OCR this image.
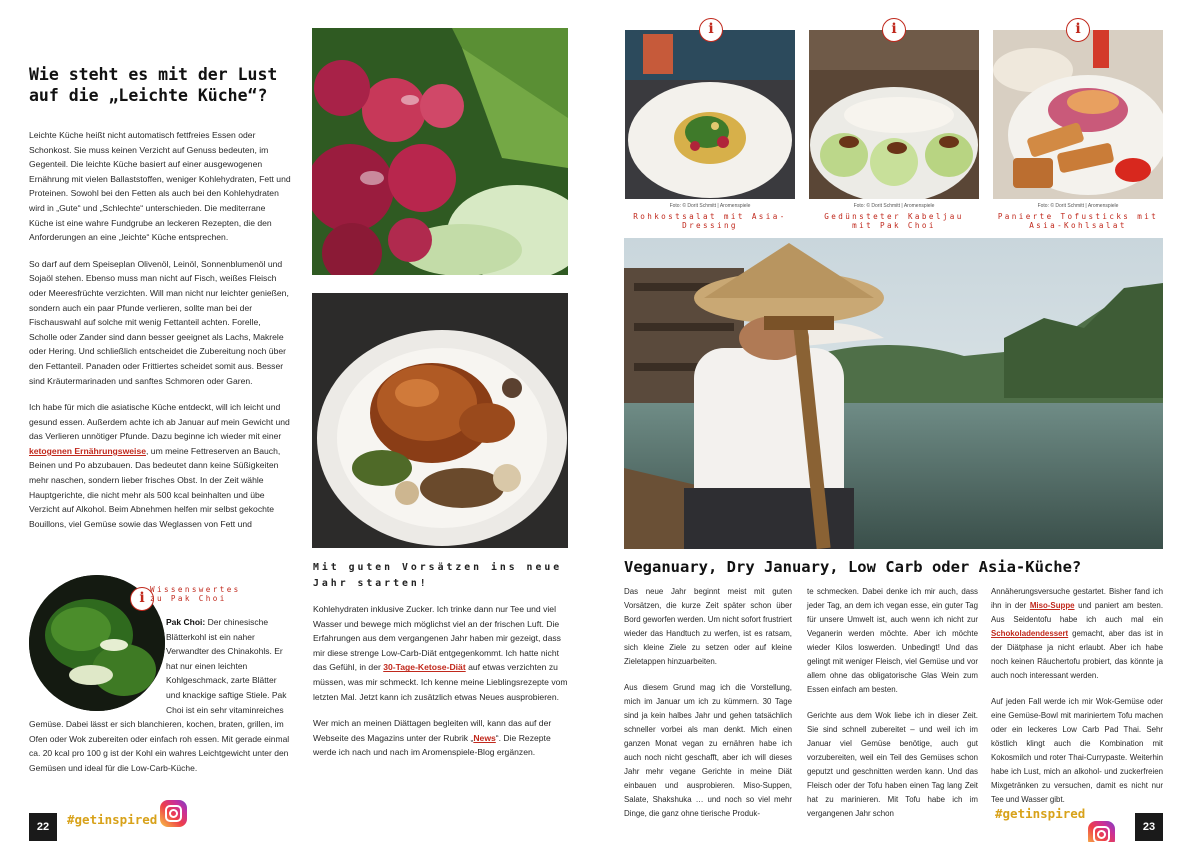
Wie steht es mit der Lust auf die „Leichte Küche“?

Leichte Küche heißt nicht automatisch fettfreies Essen oder Schonkost. Sie muss keinen Verzicht auf Genuss bedeuten, im Gegenteil. Die leichte Küche basiert auf einer ausgewogenen Ernährung mit vielen Ballaststoffen, weniger Kohlehydraten, Fett und Proteinen. Sowohl bei den Fetten als auch bei den Kohlehydraten wird in „Gute“ und „Schlechte“ unterschieden. Die mediterrane Küche ist eine wahre Fundgrube an leckeren Rezepten, die den Anforderungen an eine „leichte“ Küche entsprechen.

So darf auf dem Speiseplan Olivenöl, Leinöl, Sonnenblumenöl und Sojaöl stehen. Ebenso muss man nicht auf Fisch, weißes Fleisch oder Meeresfrüchte verzichten. Will man nicht nur leichter genießen, sondern auch ein paar Pfunde verlieren, sollte man bei der Fischauswahl auf solche mit wenig Fettanteil achten. Forelle, Scholle oder Zander sind dann besser geeignet als Lachs, Makrele oder Hering. Und schließlich entscheidet die Zubereitung noch über den Fettanteil. Panaden oder Frittiertes scheidet somit aus. Besser sind Kräutermarinaden und sanftes Schmoren oder Garen.

Ich habe für mich die asiatische Küche entdeckt, will ich leicht und gesund essen. Außerdem achte ich ab Januar auf mein Gewicht und das Verlieren unnötiger Pfunde. Dazu beginne ich wieder mit einer ketogenen Ernährungsweise, um meine Fettreserven an Bauch, Beinen und Po abzubauen. Das bedeutet dann keine Süßigkeiten mehr naschen, sondern lieber frisches Obst. In der Zeit wähle Hauptgerichte, die nicht mehr als 500 kcal beinhalten und übe Verzicht auf Alkohol. Beim Abnehmen helfen mir selbst gekochte Bouillons, viel Gemüse sowie das Weglassen von Fett und

i
Wissenswertes
zu Pak Choi
Pak Choi: Der chinesische Blätterkohl ist ein naher Verwandter des Chinakohls. Er hat nur einen leichten Kohlgeschmack, zarte Blätter und knackige saftige Stiele. Pak Choi ist ein sehr vitaminreiches Gemüse. Dabei lässt er sich blanchieren, kochen, braten, grillen, im Ofen oder Wok zubereiten oder einfach roh essen. Mit gerade einmal ca. 20 kcal pro 100 g ist der Kohl ein wahres Leichtgewicht unter den Gemüsen und ideal für die Low-Carb-Küche.
Mit guten Vorsätzen ins neue
Jahr starten!

Kohlehydraten inklusive Zucker. Ich trinke dann nur Tee und viel Wasser und bewege mich möglichst viel an der frischen Luft. Die Erfahrungen aus dem vergangenen Jahr haben mir gezeigt, dass mir diese strenge Low-Carb-Diät entgegenkommt. Ich hatte nicht das Gefühl, in der 30-Tage-Ketose-Diät auf etwas verzichten zu müssen, was mir schmeckt. Ich kenne meine Lieblingsrezepte vom letzten Mal. Jetzt kann ich zusätzlich etwas Neues ausprobieren.

Wer mich an meinen Diättagen begleiten will, kann das auf der Webseite des Magazins unter der Rubrik „News“. Die Rezepte werde ich nach und nach im Aromenspiele-Blog ergänzen.

22	#getinspired
i
Foto: © Dorit Schmitt | Aromenspiele
Rohkostsalat mit Asia-
Dressing
i
Foto: © Dorit Schmitt | Aromenspiele
Gedünsteter Kabeljau
mit Pak Choi
i
Foto: © Dorit Schmitt | Aromenspiele
Panierte Tofusticks mit
Asia-Kohlsalat
Veganuary, Dry January, Low Carb oder Asia-Küche?

Das neue Jahr beginnt meist mit guten Vorsätzen, die kurze Zeit später schon über Bord geworfen werden. Um nicht sofort frustriert wieder das Handtuch zu werfen, ist es ratsam, sich kleine Ziele zu setzen oder auf kleine Zieletappen hinzuarbeiten.

Aus diesem Grund mag ich die Vorstellung, mich im Januar um ich zu kümmern. 30 Tage sind ja kein halbes Jahr und gehen tatsächlich schneller vorbei als man denkt. Mich einen ganzen Monat vegan zu ernähren habe ich auch noch nicht geschafft, aber ich will dieses Jahr mehr vegane Gerichte in meine Diät einbauen und ausprobieren. Miso-Suppen, Salate, Shakshuka … und noch so viel mehr Dinge, die ganz ohne tierische Produk-

te schmecken. Dabei denke ich mir auch, dass jeder Tag, an dem ich vegan esse, ein guter Tag für unsere Umwelt ist, auch wenn ich nicht zur Veganerin werden möchte. Aber ich möchte wieder Kilos loswerden. Unbedingt! Und das gelingt mit weniger Fleisch, viel Gemüse und vor allem ohne das obligatorische Glas Wein zum Essen einfach am besten.

Gerichte aus dem Wok liebe ich in dieser Zeit. Sie sind schnell zubereitet – und weil ich im Januar viel Gemüse benötige, auch gut vorzubereiten, weil ein Teil des Gemüses schon geputzt und geschnitten werden kann. Und das Fleisch oder der Tofu haben einen Tag lang Zeit hat zu marinieren. Mit Tofu habe ich im vergangenen Jahr schon

Annäherungsversuche gestartet. Bisher fand ich ihn in der Miso-Suppe und paniert am besten. Aus Seidentofu habe ich auch mal ein Schokoladendessert gemacht, aber das ist in der Diätphase ja nicht erlaubt. Aber ich habe noch keinen Räuchertofu probiert, das könnte ja auch noch interessant werden.

Auf jeden Fall werde ich mir Wok-Gemüse oder eine Gemüse-Bowl mit mariniertem Tofu machen oder ein leckeres Low Carb Pad Thai. Sehr köstlich klingt auch die Kombination mit Kokosmilch und roter Thai-Currypaste. Weiterhin habe ich Lust, mich an alkohol- und zuckerfreien Mixgetränken zu versuchen, damit es nicht nur Tee und Wasser gibt.

#getinspired
23
